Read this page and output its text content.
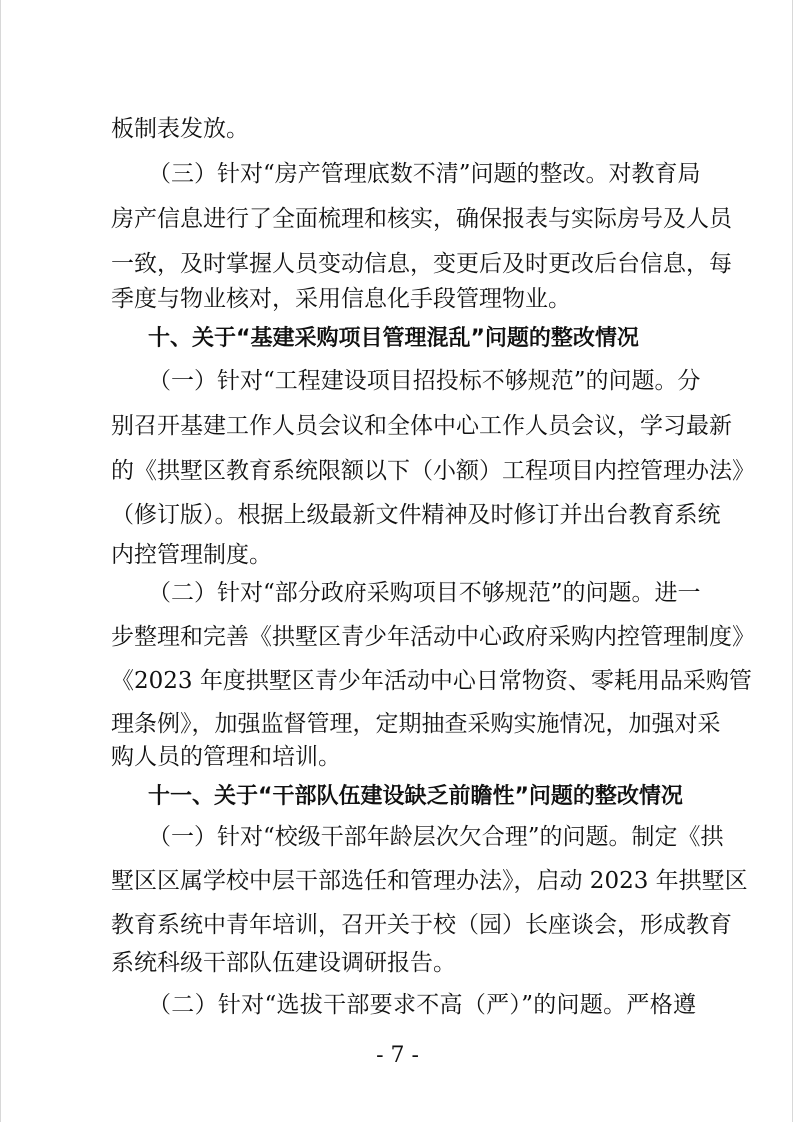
板制表发放。
（三）针对“房产管理底数不清”问题的整改。对教育局
房产信息进行了全面梳理和核实，确保报表与实际房号及人员
一致，及时掌握人员变动信息，变更后及时更改后台信息，每
季度与物业核对，采用信息化手段管理物业。
十、关于“基建采购项目管理混乱”问题的整改情况
（一）针对“工程建设项目招投标不够规范”的问题。分
别召开基建工作人员会议和全体中心工作人员会议，学习最新
的《拱墅区教育系统限额以下（小额）工程项目内控管理办法》
（修订版）。根据上级最新文件精神及时修订并出台教育系统
内控管理制度。
（二）针对“部分政府采购项目不够规范”的问题。进一
步整理和完善《拱墅区青少年活动中心政府采购内控管理制度》
《2023 年度拱墅区青少年活动中心日常物资、零耗用品采购管
理条例》，加强监督管理，定期抽查采购实施情况，加强对采
购人员的管理和培训。
十一、关于“干部队伍建设缺乏前瞻性”问题的整改情况
（一）针对“校级干部年龄层次欠合理”的问题。制定《拱
墅区区属学校中层干部选任和管理办法》，启动 2023 年拱墅区
教育系统中青年培训，召开关于校（园）长座谈会，形成教育
系统科级干部队伍建设调研报告。
（二）针对“选拔干部要求不高（严）”的问题。严格遵
- 7 -
